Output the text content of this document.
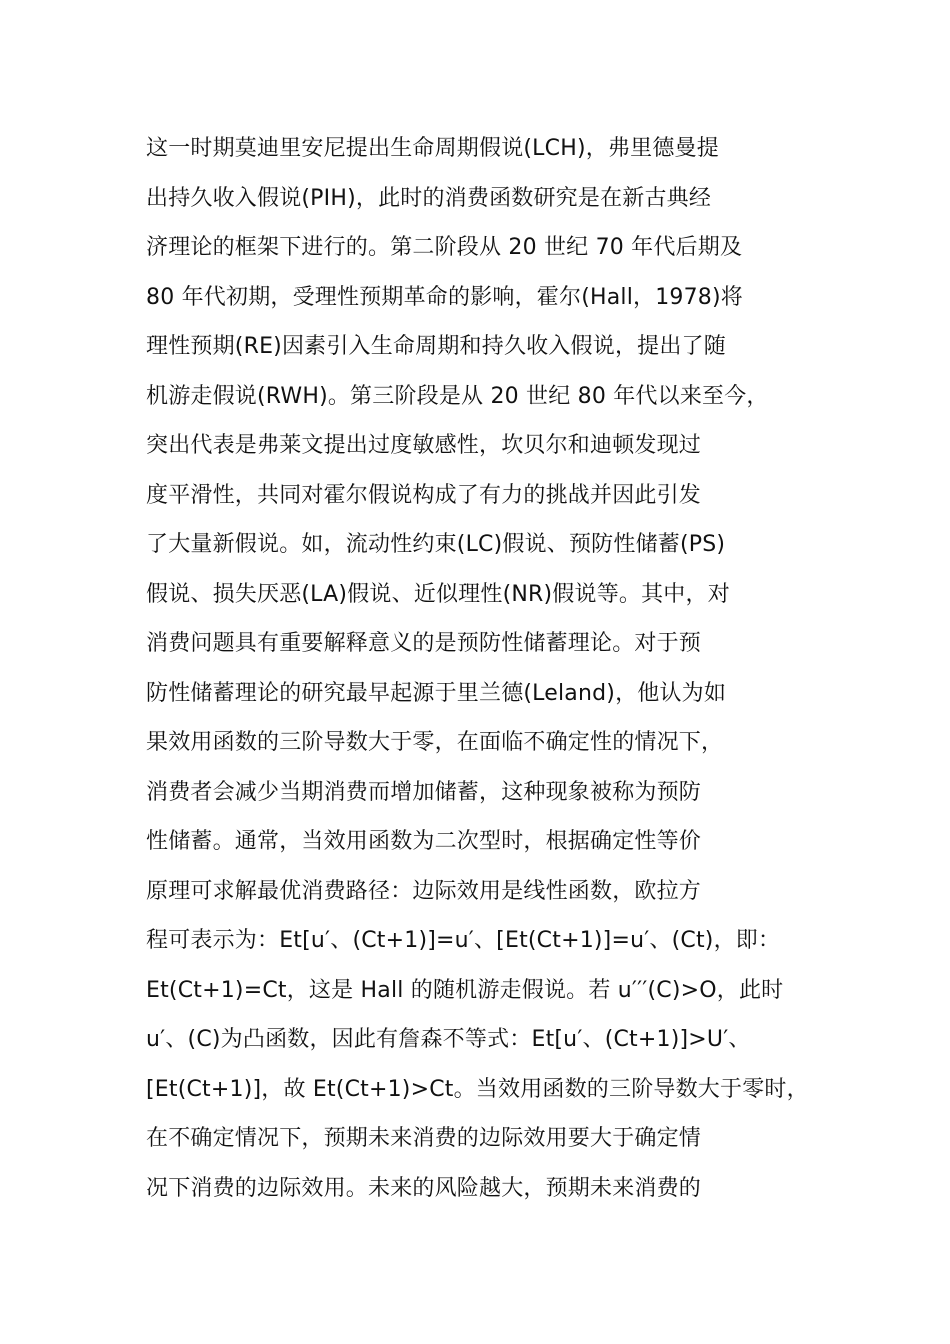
这一时期莫迪里安尼提出生命周期假说(LCH)，弗里德曼提
出持久收入假说(PIH)，此时的消费函数研究是在新古典经
济理论的框架下进行的。第二阶段从 20 世纪 70 年代后期及
80 年代初期，受理性预期革命的影响，霍尔(Hall，1978)将
理性预期(RE)因素引入生命周期和持久收入假说，提出了随
机游走假说(RWH)。第三阶段是从 20 世纪 80 年代以来至今，
突出代表是弗莱文提出过度敏感性，坎贝尔和迪顿发现过
度平滑性，共同对霍尔假说构成了有力的挑战并因此引发
了大量新假说。如，流动性约束(LC)假说、预防性储蓄(PS)
假说、损失厌恶(LA)假说、近似理性(NR)假说等。其中，对
消费问题具有重要解释意义的是预防性储蓄理论。对于预
防性储蓄理论的研究最早起源于里兰德(Leland)，他认为如
果效用函数的三阶导数大于零，在面临不确定性的情况下，
消费者会减少当期消费而增加储蓄，这种现象被称为预防
性储蓄。通常，当效用函数为二次型时，根据确定性等价
原理可求解最优消费路径：边际效用是线性函数，欧拉方
程可表示为：Et[u′、(Ct+1)]=u′、[Et(Ct+1)]=u′、(Ct)，即：
Et(Ct+1)=Ct，这是 Hall 的随机游走假说。若 u′′′(C)>O，此时
u′、(C)为凸函数，因此有詹森不等式：Et[u′、(Ct+1)]>U′、
[Et(Ct+1)]，故 Et(Ct+1)>Ct。当效用函数的三阶导数大于零时，
在不确定情况下，预期未来消费的边际效用要大于确定情
况下消费的边际效用。未来的风险越大，预期未来消费的
